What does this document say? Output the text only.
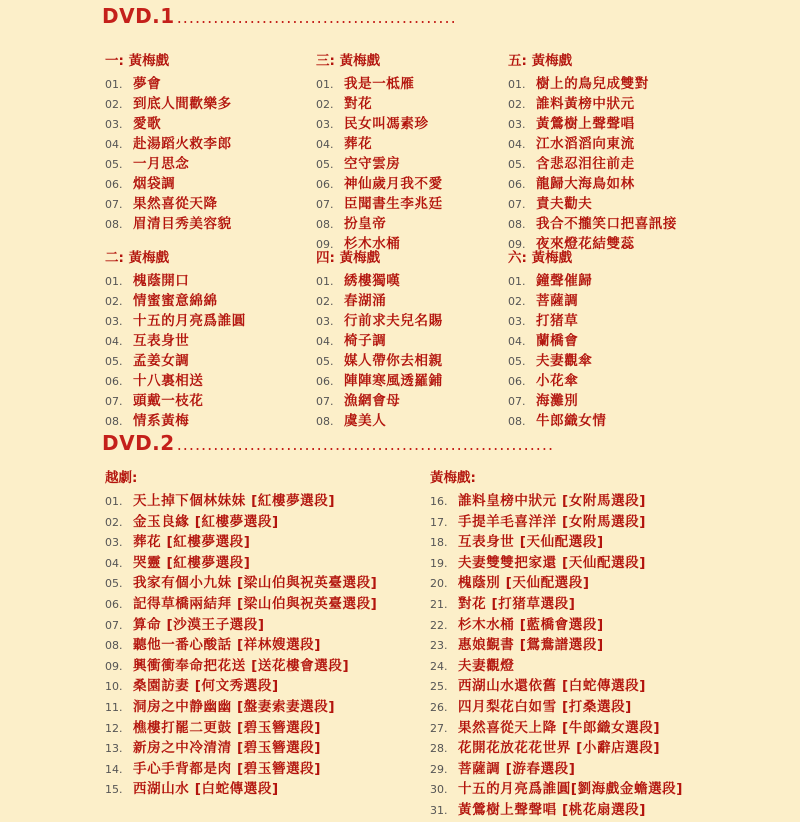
DVD.1 ..............................................
一: 黃梅戲
01. 夢會
02. 到底人間歡樂多
03. 愛歌
04. 赴湯蹈火救李郎
05. 一月思念
06. 烟袋調
07. 果然喜從天降
08. 眉清目秀美容貌
三: 黃梅戲
01. 我是一柢雁
02. 對花
03. 民女叫馮素珍
04. 葬花
05. 空守雲房
06. 神仙歲月我不愛
07. 臣聞書生李兆廷
08. 扮皇帝
09. 杉木水桶
五: 黃梅戲
01. 樹上的鳥兒成雙對
02. 誰料黃榜中狀元
03. 黃鶯樹上聲聲唱
04. 江水滔滔向東流
05. 含悲忍泪往前走
06. 龍歸大海鳥如林
07. 責夫勸夫
08. 我合不攏笑口把喜訊接
09. 夜來燈花結雙蕊
二: 黃梅戲
01. 槐蔭開口
02. 情蜜蜜意綿綿
03. 十五的月亮爲誰圓
04. 互表身世
05. 孟姜女調
06. 十八裏相送
07. 頭戴一枝花
08. 情系黃梅
四: 黃梅戲
01. 綉樓獨嘆
02. 春湖涌
03. 行前求夫兒名賜
04. 椅子調
05. 媒人帶你去相親
06. 陣陣寒風透羅鋪
07. 漁網會母
08. 虞美人
六: 黃梅戲
01. 鐘聲催歸
02. 菩薩調
03. 打猪草
04. 蘭橋會
05. 夫妻觀傘
06. 小花傘
07. 海灘別
08. 牛郎織女情
DVD.2 ..............................................................
越劇:
01. 天上掉下個林妹妹 [紅樓夢選段]
02. 金玉良緣 [紅樓夢選段]
03. 葬花 [紅樓夢選段]
04. 哭靈 [紅樓夢選段]
05. 我家有個小九妹 [梁山伯與祝英臺選段]
06. 記得草橋兩結拜 [梁山伯與祝英臺選段]
07. 算命 [沙漠王子選段]
08. 聽他一番心酸話 [祥林嫂選段]
09. 興衝衝奉命把花送 [送花樓會選段]
10. 桑園訪妻 [何文秀選段]
11. 洞房之中静幽幽 [盤妻索妻選段]
12. 樵樓打罷二更鼓 [碧玉簪選段]
13. 新房之中冷清清 [碧玉簪選段]
14. 手心手背都是肉 [碧玉簪選段]
15. 西湖山水 [白蛇傳選段]
黃梅戲:
16. 誰料皇榜中狀元 [女附馬選段]
17. 手提羊毛喜洋洋 [女附馬選段]
18. 互表身世 [天仙配選段]
19. 夫妻雙雙把家還 [天仙配選段]
20. 槐蔭別 [天仙配選段]
21. 對花 [打猪草選段]
22. 杉木水桶 [藍橋會選段]
23. 惠娘覲書 [鴛鴦譜選段]
24. 夫妻觀燈
25. 西湖山水還依舊 [白蛇傳選段]
26. 四月梨花白如雪 [打桑選段]
27. 果然喜從天上降 [牛郎織女選段]
28. 花開花放花花世界 [小辭店選段]
29. 菩薩調 [游春選段]
30. 十五的月亮爲誰圓[劉海戲金蟾選段]
31. 黃鶯樹上聲聲唱 [桃花扇選段]
